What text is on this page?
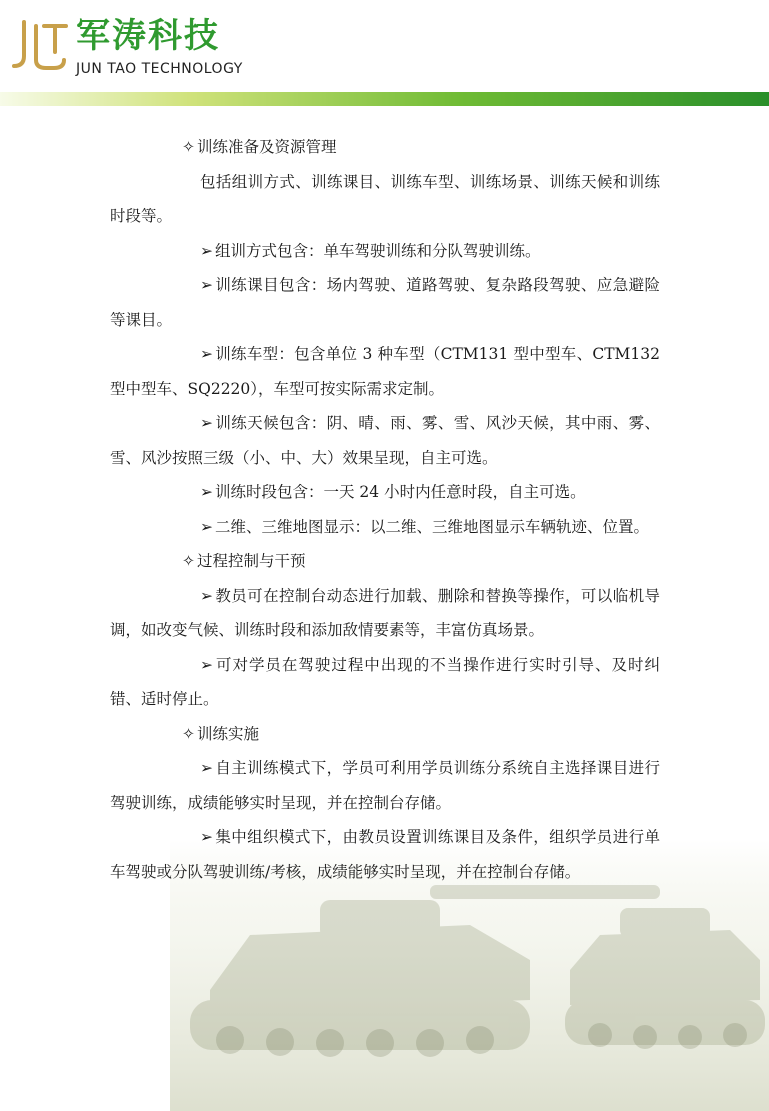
JT 军涛科技

JUN TAO TECHNOLOGY

✧ 训练准备及资源管理

包括组训方式、训练课目、训练车型、训练场景、训练天候和训练时段等。

➢ 组训方式包含：单车驾驶训练和分队驾驶训练。

➢ 训练课目包含：场内驾驶、道路驾驶、复杂路段驾驶、应急避险等课目。

➢ 训练车型：包含单位 3 种车型（CTM131 型中型车、CTM132 型中型车、SQ2220），车型可按实际需求定制。

➢ 训练天候包含：阴、晴、雨、雾、雪、风沙天候，其中雨、雾、雪、风沙按照三级（小、中、大）效果呈现，自主可选。

➢ 训练时段包含：一天 24 小时内任意时段，自主可选。

➢ 二维、三维地图显示：以二维、三维地图显示车辆轨迹、位置。

✧ 过程控制与干预

➢ 教员可在控制台动态进行加载、删除和替换等操作，可以临机导调，如改变气候、训练时段和添加敌情要素等，丰富仿真场景。

➢ 可对学员在驾驶过程中出现的不当操作进行实时引导、及时纠错、适时停止。

✧ 训练实施

➢ 自主训练模式下，学员可利用学员训练分系统自主选择课目进行驾驶训练，成绩能够实时呈现，并在控制台存储。

➢ 集中组织模式下，由教员设置训练课目及条件，组织学员进行单车驾驶或分队驾驶训练/考核，成绩能够实时呈现，并在控制台存储。
